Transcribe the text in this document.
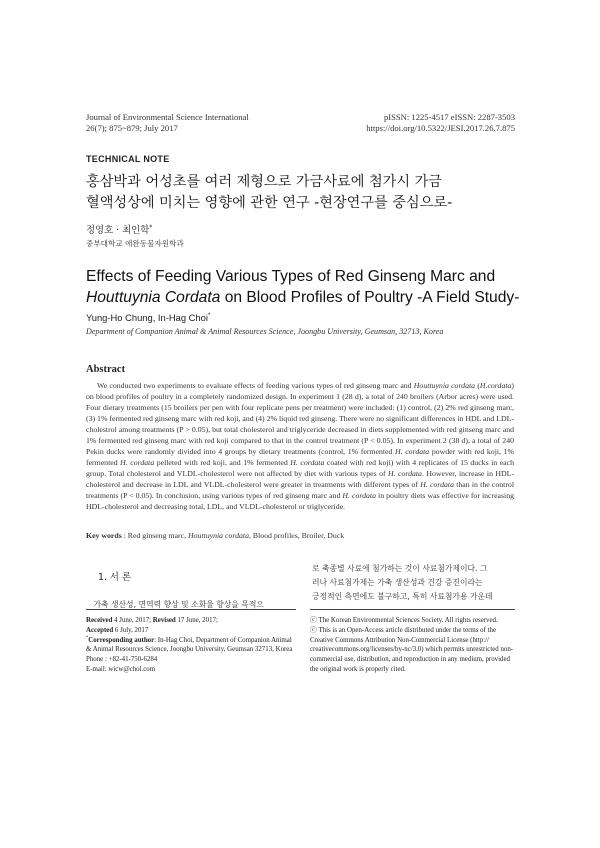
Journal of Environmental Science International
26(7); 875~879; July 2017
pISSN: 1225-4517 eISSN: 2287-3503
https://doi.org/10.5322/JESI.2017.26.7.875
TECHNICAL NOTE
홍삼박과 어성초를 여러 제형으로 가금사료에 첨가시 가금
혈액성상에 미치는 영향에 관한 연구 -현장연구를 중심으로-
정영호 · 최인학*
중부대학교 애완동물자원학과
Effects of Feeding Various Types of Red Ginseng Marc and
Houttuynia Cordata on Blood Profiles of Poultry -A Field Study-
Yung-Ho Chung, In-Hag Choi*
Department of Companion Animal & Animal Resources Science, Joongbu University, Geumsan, 32713, Korea
Abstract
We conducted two experiments to evaluate effects of feeding various types of red ginseng marc and Houttuynia cordata (H.cordata) on blood profiles of poultry in a completely randomized design. In experiment 1 (28 d), a total of 240 broilers (Arbor acres) were used. Four dietary treatments (15 broilers per pen with four replicate pens per treatment) were included: (1) control, (2) 2% red ginseng marc, (3) 1% fermented red ginseng marc with red koji, and (4) 2% liquid red ginseng. There were no significant differences in HDL and LDL-cholestrol among treatments (P > 0.05), but total cholesterol and triglyceride decreased in diets supplemented with red ginseng marc and 1% fermented red ginseng marc with red koji compared to that in the control treatment (P < 0.05). In experiment 2 (38 d), a total of 240 Pekin ducks were randomly divided into 4 groups by dietary treatments (control, 1% fermented H. cordata powder with red koji, 1% fermented H. cordata pelleted with red koji, and 1% fermented H. cordata coated with red koji) with 4 replicates of 15 ducks in each group. Total cholesterol and VLDL-cholesterol were not affected by diet with various types of H. cordata. However, increase in HDL-cholesterol and decrease in LDL and VLDL-cholesterol were greater in treatments with different types of H. cordata than in the control treatments (P < 0.05). In conclusion, using various types of red ginseng marc and H. cordata in poultry diets was effective for increasing HDL-cholesterol and decreasing total, LDL, and VLDL-cholesterol or triglyceride.
Key words : Red ginseng marc, Houttuynia cordata, Blood profiles, Broiler, Duck
1. 서 론
가축 생산성, 면역력 향상 및 소화율 향상을 목적으
로 축종별 사료에 첨가하는 것이 사료첨가제이다. 그
러나 사료첨가제는 가축 생산성과 건강 증진이라는
긍정적인 측면에도 불구하고, 특히 사료첨가용 가운데
Received 4 June, 2017; Revised 17 June, 2017;
Accepted 6 July, 2017
*Corresponding author: In-Hag Choi, Department of Companion Animal & Animal Resources Science, Joongbu University, Geumsan 32713, Korea
Phone : +82-41-750-6284
E-mail: wicw@chol.com
ⓒ The Korean Environmental Sciences Society. All rights reserved.
ⓒ This is an Open-Access article distributed under the terms of the Creative Commons Attribution Non-Commercial License (http:// creativecommons.org/licenses/by-nc/3.0) which permits unrestricted non-commercial use, distribution, and reproduction in any medium, provided the original work is properly cited.
